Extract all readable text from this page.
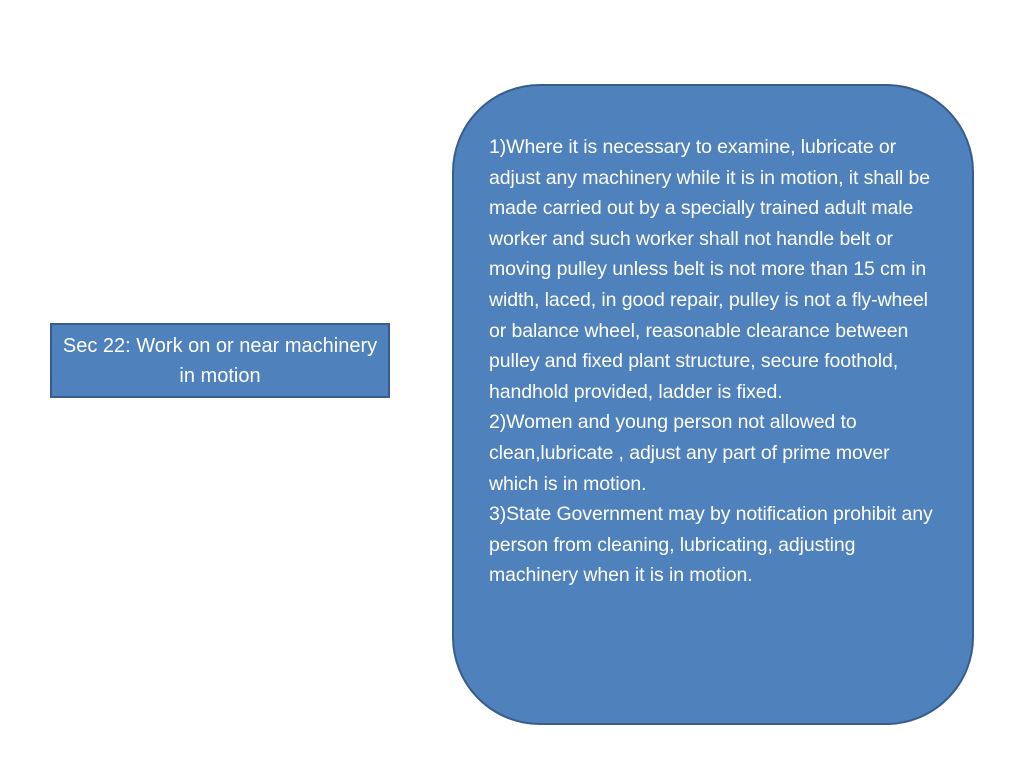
Sec 22: Work on or near machinery in motion

1)Where it is necessary to examine, lubricate or adjust any machinery while it is in motion, it shall be made carried out by a specially trained adult male worker and such worker shall not handle belt or moving pulley unless belt is not more than 15 cm in width, laced, in good repair, pulley is not a fly-wheel or balance wheel, reasonable clearance between pulley and fixed plant structure, secure foothold, handhold provided, ladder is fixed.

2)Women and young person not allowed to clean,lubricate , adjust any part of prime mover which is in motion.

3)State Government may by notification prohibit any person from cleaning, lubricating, adjusting machinery when it is in motion.
